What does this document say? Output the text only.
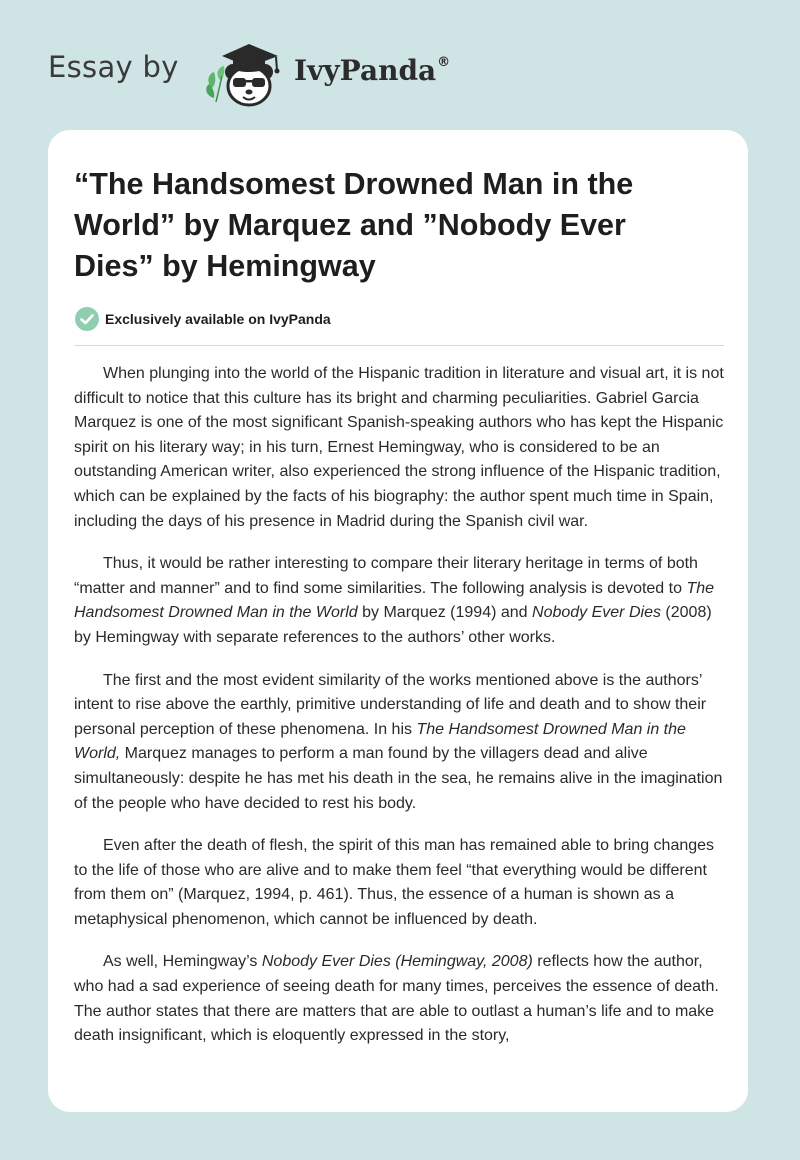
Essay by	IvyPanda®
“The Handsomest Drowned Man in the World” by Marquez and ”Nobody Ever Dies” by Hemingway
Exclusively available on IvyPanda

When plunging into the world of the Hispanic tradition in literature and visual art, it is not difficult to notice that this culture has its bright and charming peculiarities. Gabriel Garcia Marquez is one of the most significant Spanish-speaking authors who has kept the Hispanic spirit on his literary way; in his turn, Ernest Hemingway, who is considered to be an outstanding American writer, also experienced the strong influence of the Hispanic tradition, which can be explained by the facts of his biography: the author spent much time in Spain, including the days of his presence in Madrid during the Spanish civil war.

Thus, it would be rather interesting to compare their literary heritage in terms of both “matter and manner” and to find some similarities. The following analysis is devoted to The Handsomest Drowned Man in the World by Marquez (1994) and Nobody Ever Dies (2008) by Hemingway with separate references to the authors’ other works.

The first and the most evident similarity of the works mentioned above is the authors’ intent to rise above the earthly, primitive understanding of life and death and to show their personal perception of these phenomena. In his The Handsomest Drowned Man in the World, Marquez manages to perform a man found by the villagers dead and alive simultaneously: despite he has met his death in the sea, he remains alive in the imagination of the people who have decided to rest his body.

Even after the death of flesh, the spirit of this man has remained able to bring changes to the life of those who are alive and to make them feel “that everything would be different from them on” (Marquez, 1994, p. 461). Thus, the essence of a human is shown as a metaphysical phenomenon, which cannot be influenced by death.

As well, Hemingway’s Nobody Ever Dies (Hemingway, 2008) reflects how the author, who had a sad experience of seeing death for many times, perceives the essence of death. The author states that there are matters that are able to outlast a human’s life and to make death insignificant, which is eloquently expressed in the story,
